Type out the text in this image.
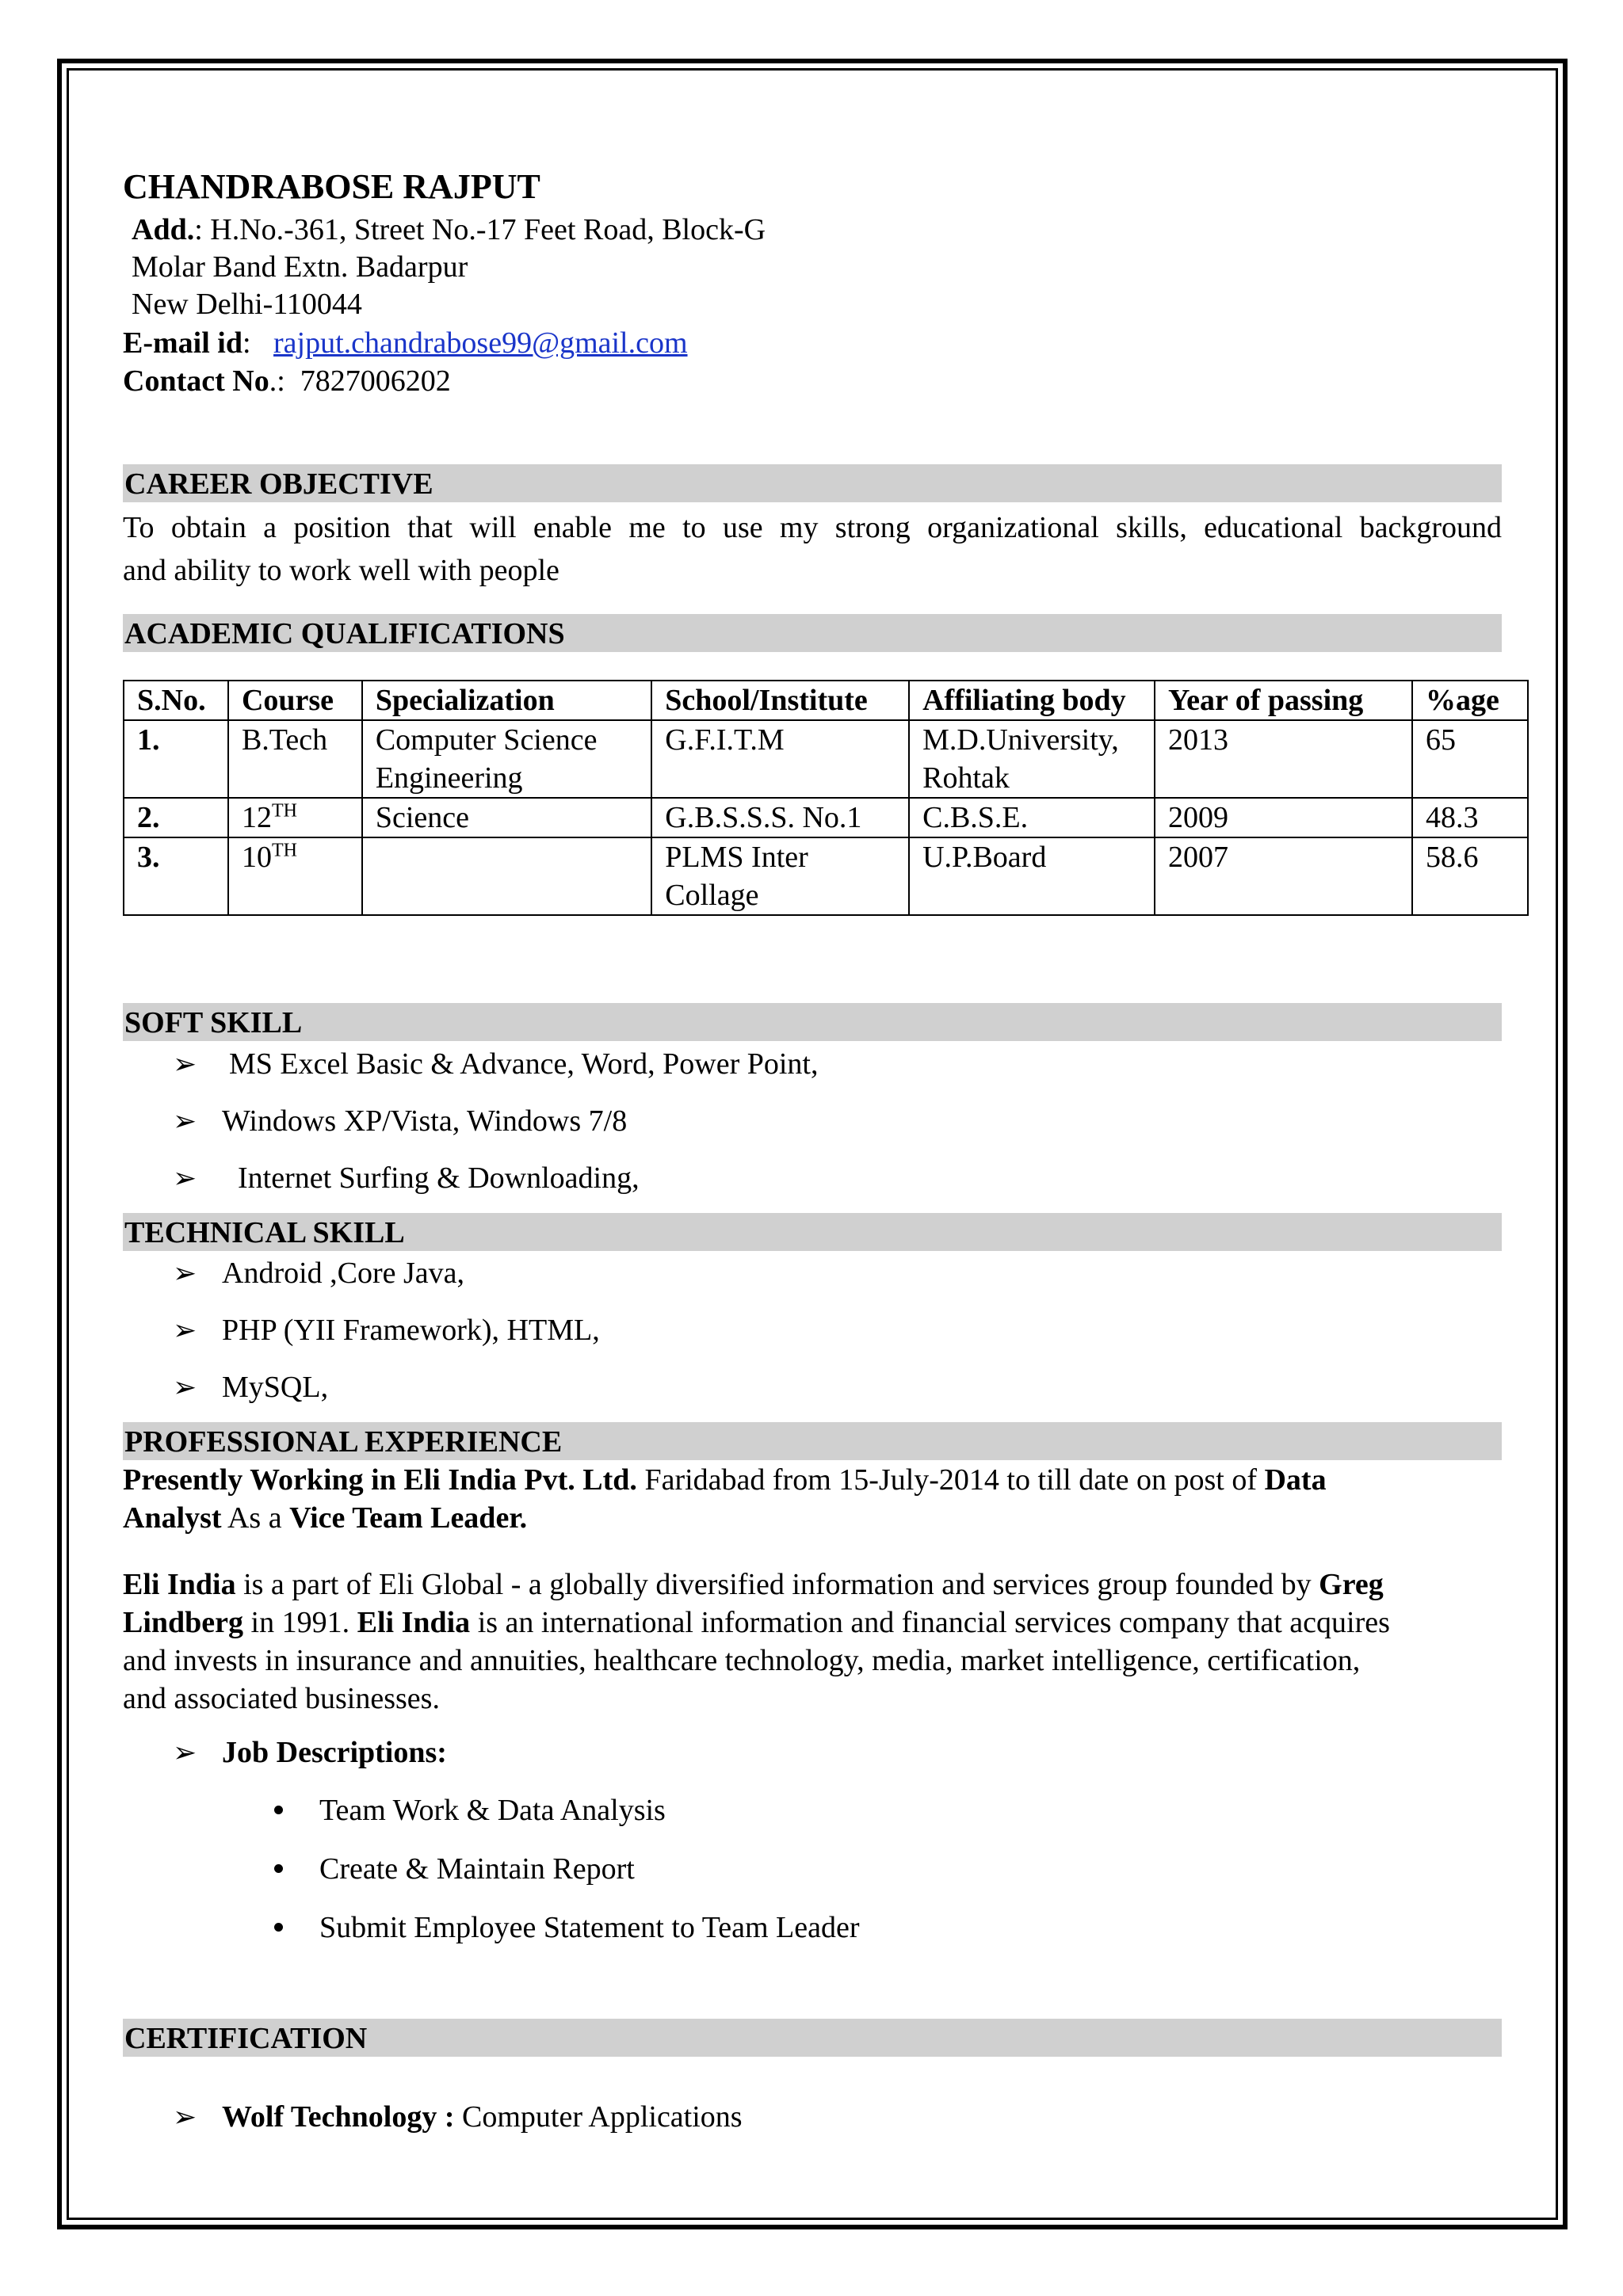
CHANDRABOSE RAJPUT
Add.: H.No.-361, Street No.-17 Feet Road, Block-G
Molar Band Extn. Badarpur
New Delhi-110044
E-mail id:   rajput.chandrabose99@gmail.com
Contact No.:  7827006202
CAREER OBJECTIVE
To obtain a position that will enable me to use my strong organizational skills, educational background
and ability to work well with people
ACADEMIC QUALIFICATIONS
S.No.	Course	Specialization	School/Institute	Affiliating body	Year of passing	%age
1.	B.Tech	Computer Science Engineering	G.F.I.T.M	M.D.University, Rohtak	2013	65
2.	12TH	Science	G.B.S.S.S. No.1	C.B.S.E.	2009	48.3
3.	10TH		PLMS Inter Collage	U.P.Board	2007	58.6
SOFT SKILL
➢ MS Excel Basic & Advance, Word, Power Point,
➢ Windows XP/Vista, Windows 7/8
➢ Internet Surfing & Downloading,
TECHNICAL SKILL
➢ Android ,Core Java,
➢ PHP (YII Framework), HTML,
➢ MySQL,
PROFESSIONAL EXPERIENCE
Presently Working in Eli India Pvt. Ltd. Faridabad from 15-July-2014 to till date on post of Data
Analyst As a Vice Team Leader.
Eli India is a part of Eli Global - a globally diversified information and services group founded by Greg
Lindberg in 1991. Eli India is an international information and financial services company that acquires
and invests in insurance and annuities, healthcare technology, media, market intelligence, certification,
and associated businesses.
➢ Job Descriptions:
Team Work & Data Analysis
Create & Maintain Report
Submit Employee Statement to Team Leader
CERTIFICATION
➢ Wolf Technology : Computer Applications
